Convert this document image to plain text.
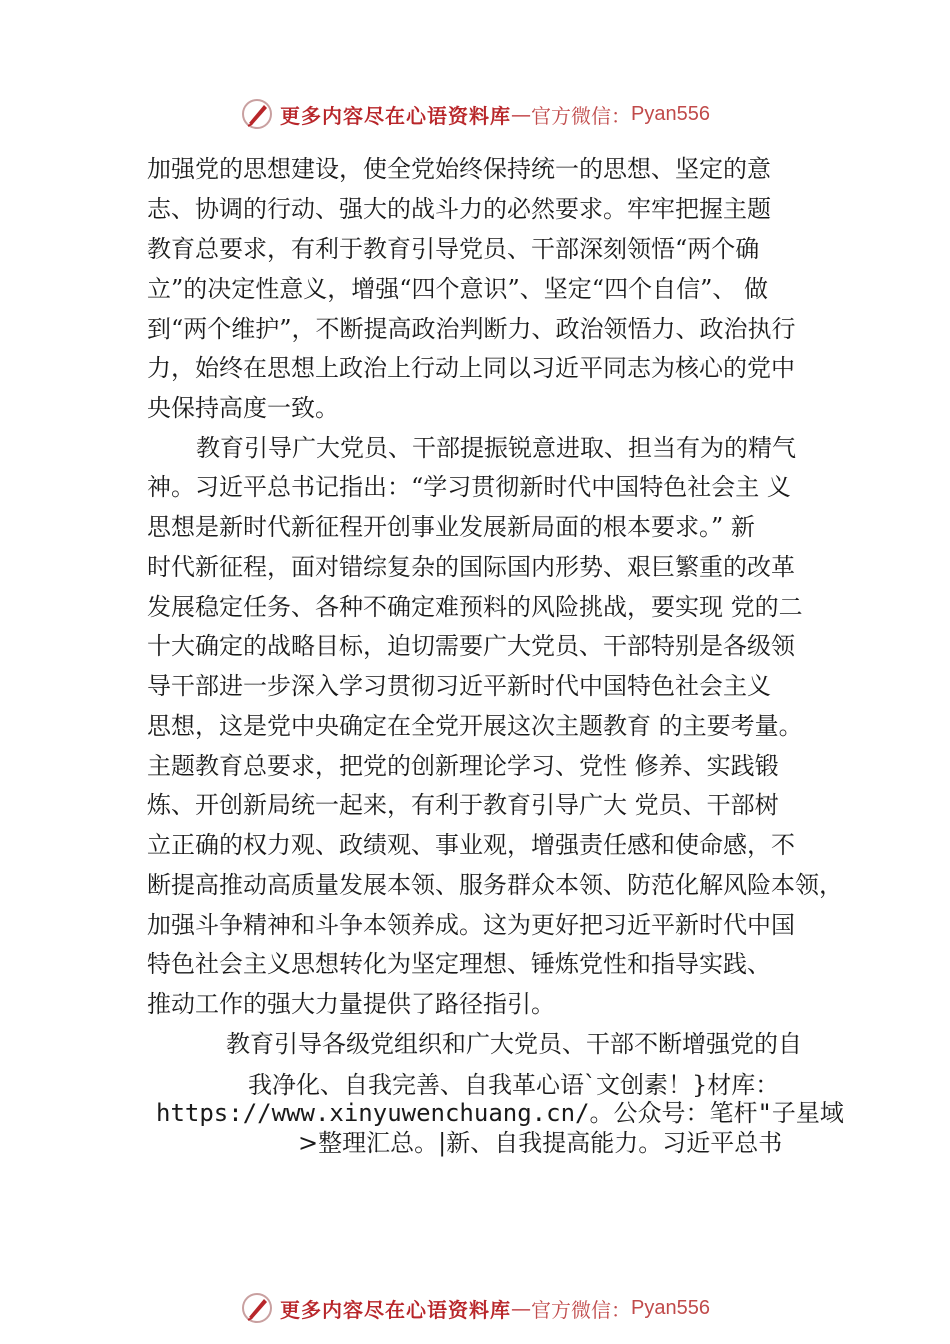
更多内容尽在心语资料库 — 官方微信： Pyan556
加强党的思想建设，使全党始终保持统一的思想、坚定的意
志、协调的行动、强大的战斗力的必然要求。牢牢把握主题
教育总要求，有利于教育引导党员、干部深刻领悟“两个确
立”的决定性意义，增强“四个意识”、坚定“四个自信”、 做
到“两个维护”，不断提高政治判断力、政治领悟力、政治执行
力，始终在思想上政治上行动上同以习近平同志为核心的党中
央保持高度一致。
教育引导广大党员、干部提振锐意进取、担当有为的精气
神。习近平总书记指出：“学习贯彻新时代中国特色社会主 义
思想是新时代新征程开创事业发展新局面的根本要求。” 新
时代新征程，面对错综复杂的国际国内形势、艰巨繁重的改革
发展稳定任务、各种不确定难预料的风险挑战，要实现 党的二
十大确定的战略目标，迫切需要广大党员、干部特别是各级领
导干部进一步深入学习贯彻习近平新时代中国特色社会主义
思想，这是党中央确定在全党开展这次主题教育 的主要考量。
主题教育总要求，把党的创新理论学习、党性 修养、实践锻
炼、开创新局统一起来，有利于教育引导广大 党员、干部树
立正确的权力观、政绩观、事业观，增强责任感和使命感，不
断提高推动高质量发展本领、服务群众本领、防范化解风险本领，
加强斗争精神和斗争本领养成。这为更好把习近平新时代中国
特色社会主义思想转化为坚定理想、锤炼党性和指导实践、
推动工作的强大力量提供了路径指引。
教育引导各级党组织和广大党员、干部不断增强党的自
我净化、自我完善、自我革心语`文创素！}材库：
https://www.xinyuwenchuang.cn/。公众号：笔杆"子星域
>整理汇总。|新、自我提高能力。习近平总书
更多内容尽在心语资料库 — 官方微信： Pyan556
